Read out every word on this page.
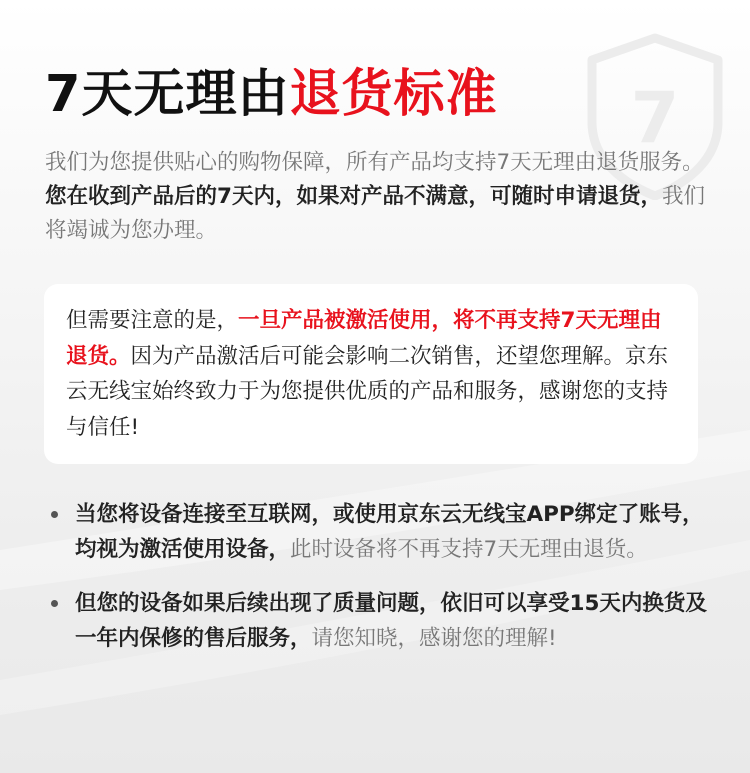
7
7天无理由退货标准
我们为您提供贴心的购物保障，所有产品均支持7天无理由退货服务。您在收到产品后的7天内，如果对产品不满意，可随时申请退货，我们将竭诚为您办理。
但需要注意的是，一旦产品被激活使用，将不再支持7天无理由退货。因为产品激活后可能会影响二次销售，还望您理解。京东云无线宝始终致力于为您提供优质的产品和服务，感谢您的支持与信任!
当您将设备连接至互联网，或使用京东云无线宝APP绑定了账号，均视为激活使用设备，此时设备将不再支持7天无理由退货。
但您的设备如果后续出现了质量问题，依旧可以享受15天内换货及一年内保修的售后服务，请您知晓，感谢您的理解!
